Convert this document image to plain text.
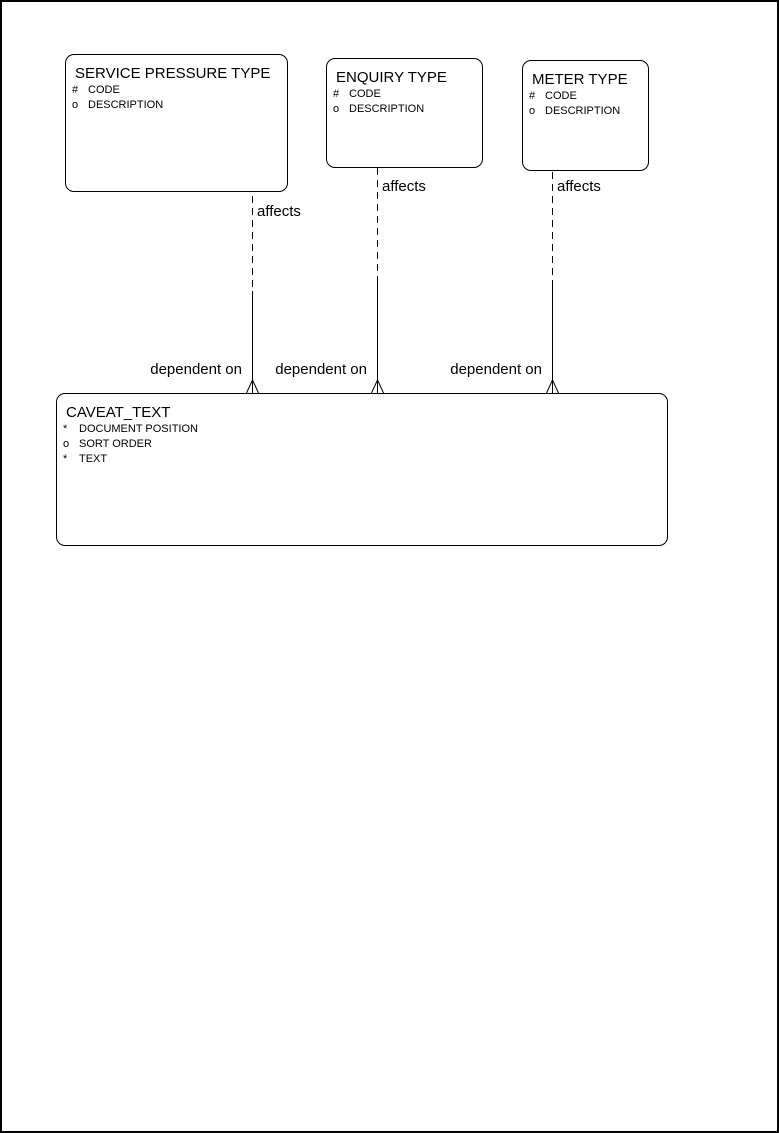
SERVICE PRESSURE TYPE
# CODE
o DESCRIPTION
ENQUIRY TYPE
# CODE
o DESCRIPTION
METER TYPE
# CODE
o DESCRIPTION
CAVEAT_TEXT
*	DOCUMENT POSITION
o SORT ORDER
*	TEXT
affects
affects	affects
dependent on	dependent on	dependent on
